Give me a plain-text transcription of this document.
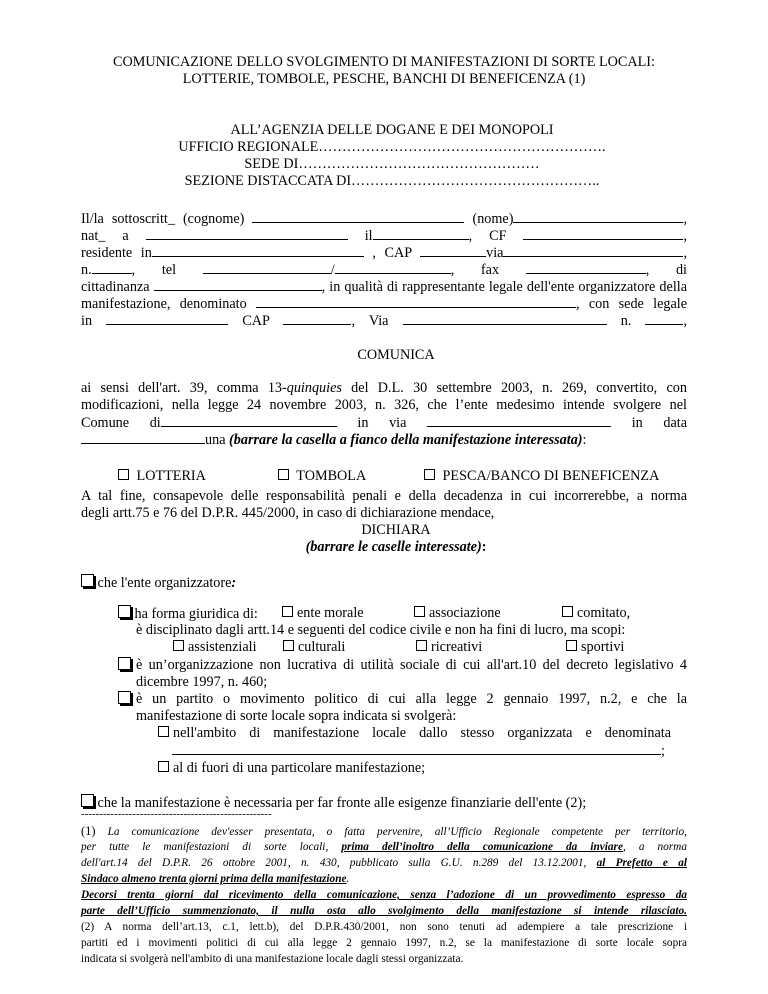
COMUNICAZIONE DELLO SVOLGIMENTO DI MANIFESTAZIONI DI SORTE LOCALI:
LOTTERIE, TOMBOLE, PESCHE, BANCHI DI BENEFICENZA (1)
ALL’AGENZIA DELLE DOGANE E DEI MONOPOLI
UFFICIO REGIONALE…………………………………………………….
SEDE DI……………………………………………
SEZIONE DISTACCATA DI……………………………………………..
Il/la sottoscritt_ (cognome)	(nome)	,
nat_ a	il	, CF	,
residente in	, CAP	via	,
n.	, tel	/	, fax	, di
cittadinanza	, in qualità di rappresentante legale dell'ente organizzatore della
manifestazione, denominato	, con sede legale
in	CAP	, Via	n.	,
COMUNICA
ai sensi dell'art. 39, comma 13-quinquies del D.L. 30 settembre 2003, n. 269, convertito, con
modificazioni, nella legge 24 novembre 2003, n. 326, che l’ente medesimo intende svolgere nel
Comune di	in via	in data
una (barrare la casella a fianco della manifestazione interessata):
LOTTERIA	TOMBOLA	PESCA/BANCO DI BENEFICENZA
A tal fine, consapevole delle responsabilità penali e della decadenza in cui incorrerebbe, a norma
degli artt.75 e 76 del D.P.R. 445/2000, in caso di dichiarazione mendace,
DICHIARA
(barrare le caselle interessate):
che l'ente organizzatore:
ha forma giuridica di:	ente morale	associazione	comitato,
è disciplinato dagli artt.14 e seguenti del codice civile e non ha fini di lucro, ma scopi:
assistenziali	culturali	ricreativi	sportivi
è un’organizzazione non lucrativa di utilità sociale di cui all'art.10 del decreto legislativo 4
dicembre 1997, n. 460;
è un partito o movimento politico di cui alla legge 2 gennaio 1997, n.2, e che la
manifestazione di sorte locale sopra indicata si svolgerà:
nell'ambito di manifestazione locale dallo stesso organizzata e denominata
;
al di fuori di una particolare manifestazione;
che la manifestazione è necessaria per far fronte alle esigenze finanziarie dell'ente (2);
----------------------------------------------------
(1) La comunicazione dev'esser presentata, o fatta pervenire, all’Ufficio Regionale competente per territorio,
per tutte le manifestazioni di sorte locali, prima dell’inoltro della comunicazione da inviare, a norma
dell'art.14 del D.P.R. 26 ottobre 2001, n. 430, pubblicato sulla G.U. n.289 del 13.12.2001, al Prefetto e al
Sindaco almeno trenta giorni prima della manifestazione.
Decorsi trenta giorni dal ricevimento della comunicazione, senza l’adozione di un provvedimento espresso da
parte dell’Ufficio summenzionato, il nulla osta allo svolgimento della manifestazione si intende rilasciato.
(2) A norma dell’art.13, c.1, lett.b), del D.P.R.430/2001, non sono tenuti ad adempiere a tale prescrizione i
partiti ed i movimenti politici di cui alla legge 2 gennaio 1997, n.2, se la manifestazione di sorte locale sopra
indicata si svolgerà nell'ambito di una manifestazione locale dagli stessi organizzata.
